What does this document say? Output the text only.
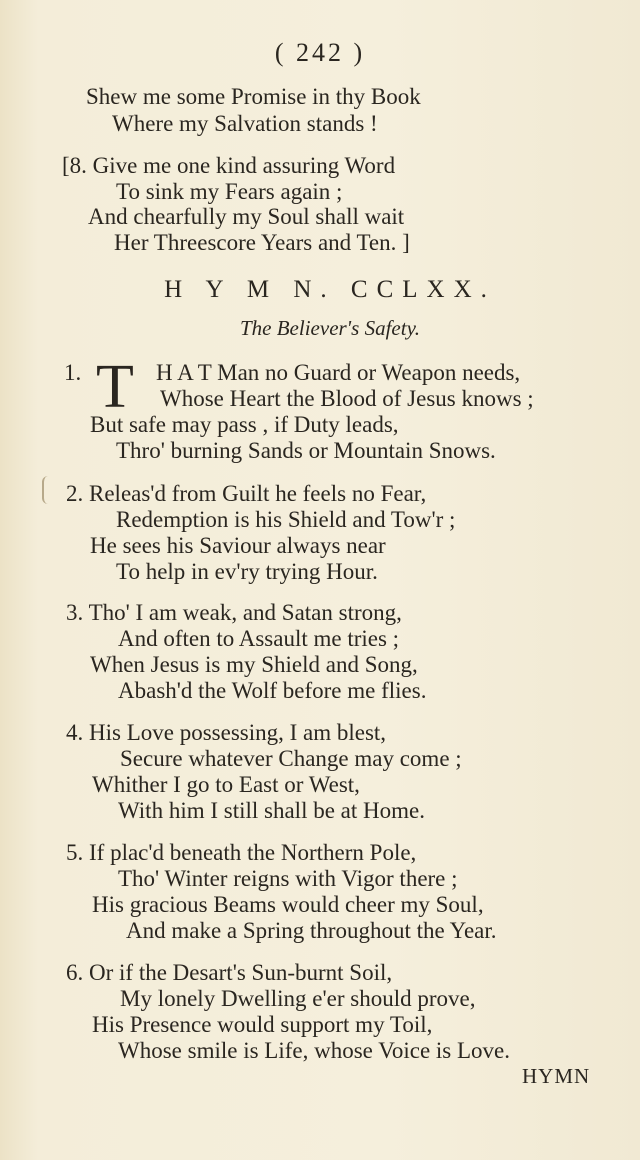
( 242 )
Shew me some Promise in thy Book
Where my Salvation stands !
[8. Give me one kind assuring Word
To sink my Fears again ;
And chearfully my Soul shall wait
Her Threescore Years and Ten. ]
H Y M N. CCLXX.
The Believer's Safety.
1. T H A T Man no Guard or Weapon needs,
Whose Heart the Blood of Jesus knows ;
But safe may pass , if Duty leads,
Thro' burning Sands or Mountain Snows.
2. Releas'd from Guilt he feels no Fear,
Redemption is his Shield and Tow'r ;
He sees his Saviour always near
To help in ev'ry trying Hour.
3. Tho' I am weak, and Satan strong,
And often to Assault me tries ;
When Jesus is my Shield and Song,
Abash'd the Wolf before me flies.
4. His Love possessing, I am blest,
Secure whatever Change may come ;
Whither I go to East or West,
With him I still shall be at Home.
5. If plac'd beneath the Northern Pole,
Tho' Winter reigns with Vigor there ;
His gracious Beams would cheer my Soul,
And make a Spring throughout the Year.
6. Or if the Desart's Sun-burnt Soil,
My lonely Dwelling e'er should prove,
His Presence would support my Toil,
Whose smile is Life, whose Voice is Love.
HYMN
